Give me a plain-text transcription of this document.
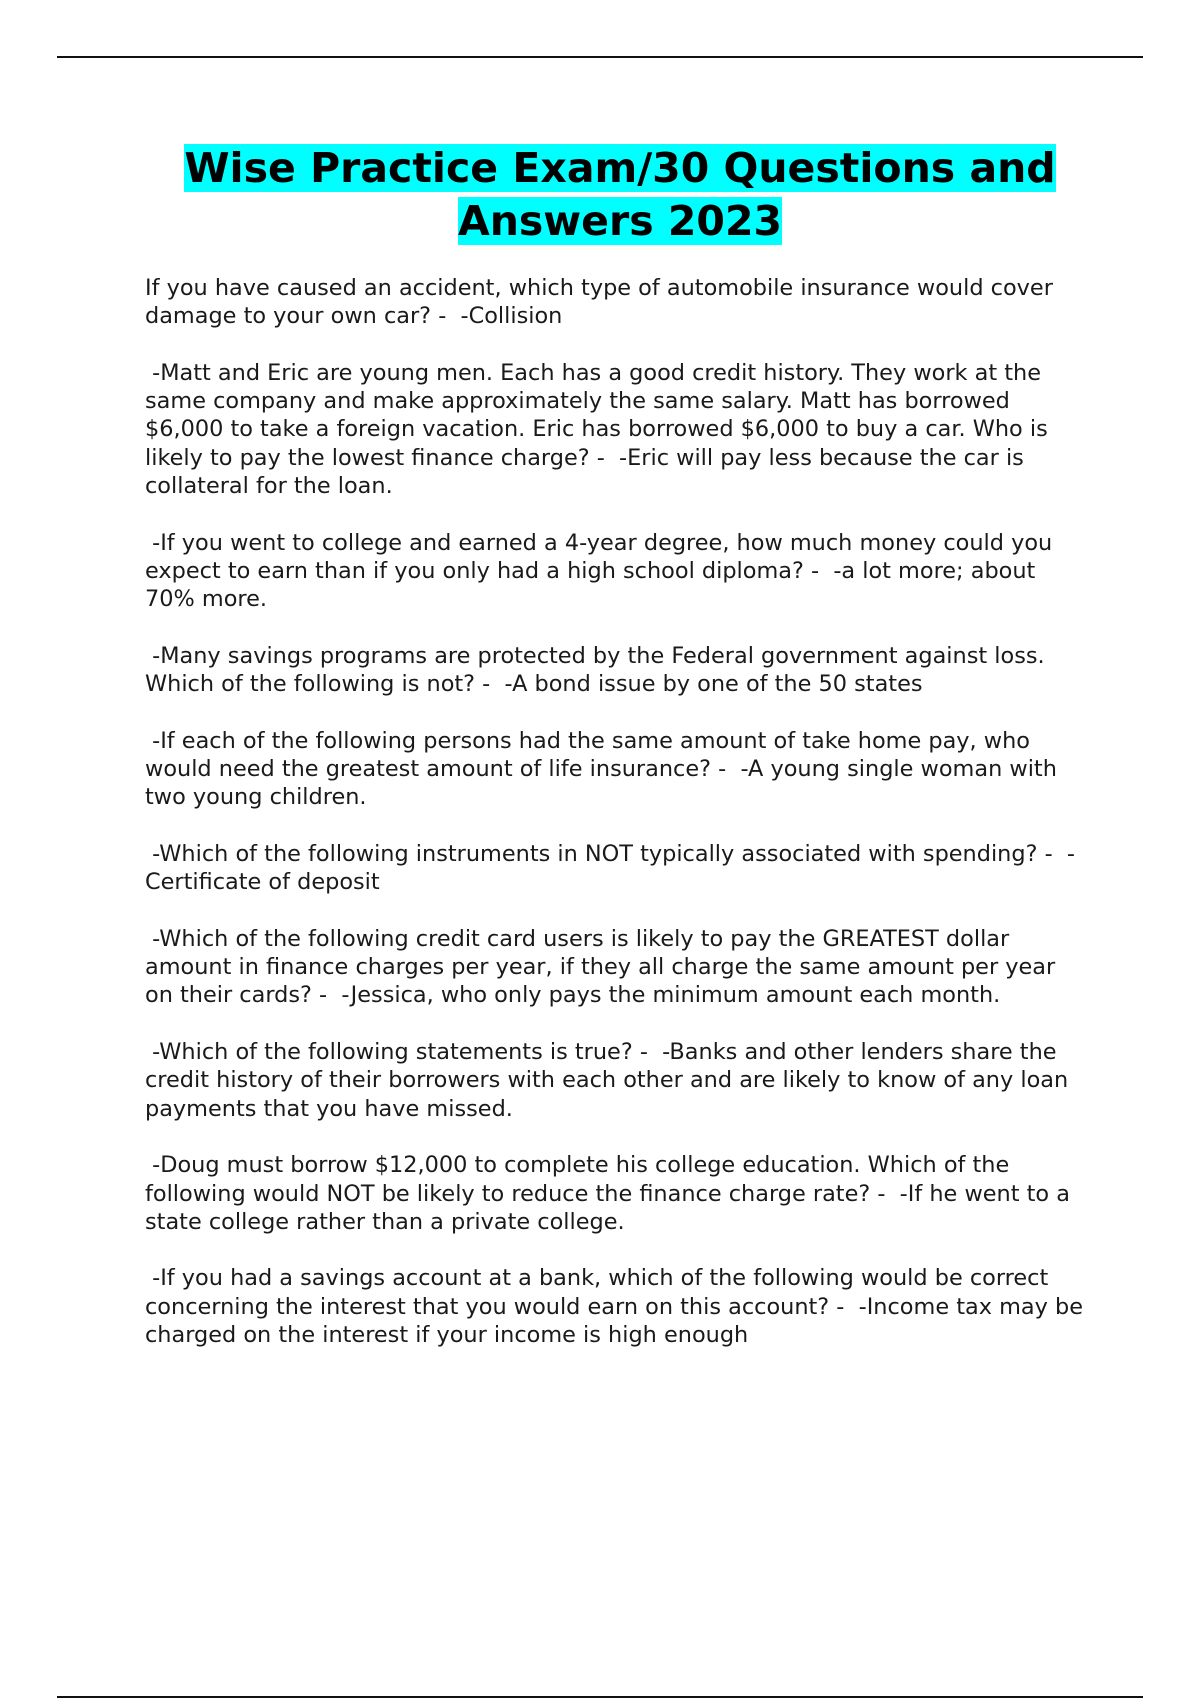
Wise Practice Exam/30 Questions and Answers 2023

If you have caused an accident, which type of automobile insurance would cover damage to your own car? -  -Collision

-Matt and Eric are young men. Each has a good credit history. They work at the same company and make approximately the same salary. Matt has borrowed $6,000 to take a foreign vacation. Eric has borrowed $6,000 to buy a car. Who is likely to pay the lowest finance charge? -  -Eric will pay less because the car is collateral for the loan.

-If you went to college and earned a 4-year degree, how much money could you expect to earn than if you only had a high school diploma? -  -a lot more; about 70% more.

-Many savings programs are protected by the Federal government against loss. Which of the following is not? -  -A bond issue by one of the 50 states

-If each of the following persons had the same amount of take home pay, who would need the greatest amount of life insurance? -  -A young single woman with two young children.

-Which of the following instruments in NOT typically associated with spending? -  -Certificate of deposit

-Which of the following credit card users is likely to pay the GREATEST dollar amount in finance charges per year, if they all charge the same amount per year on their cards? -  -Jessica, who only pays the minimum amount each month.

-Which of the following statements is true? -  -Banks and other lenders share the credit history of their borrowers with each other and are likely to know of any loan payments that you have missed.

-Doug must borrow $12,000 to complete his college education. Which of the following would NOT be likely to reduce the finance charge rate? -  -If he went to a state college rather than a private college.

-If you had a savings account at a bank, which of the following would be correct concerning the interest that you would earn on this account? -  -Income tax may be charged on the interest if your income is high enough
